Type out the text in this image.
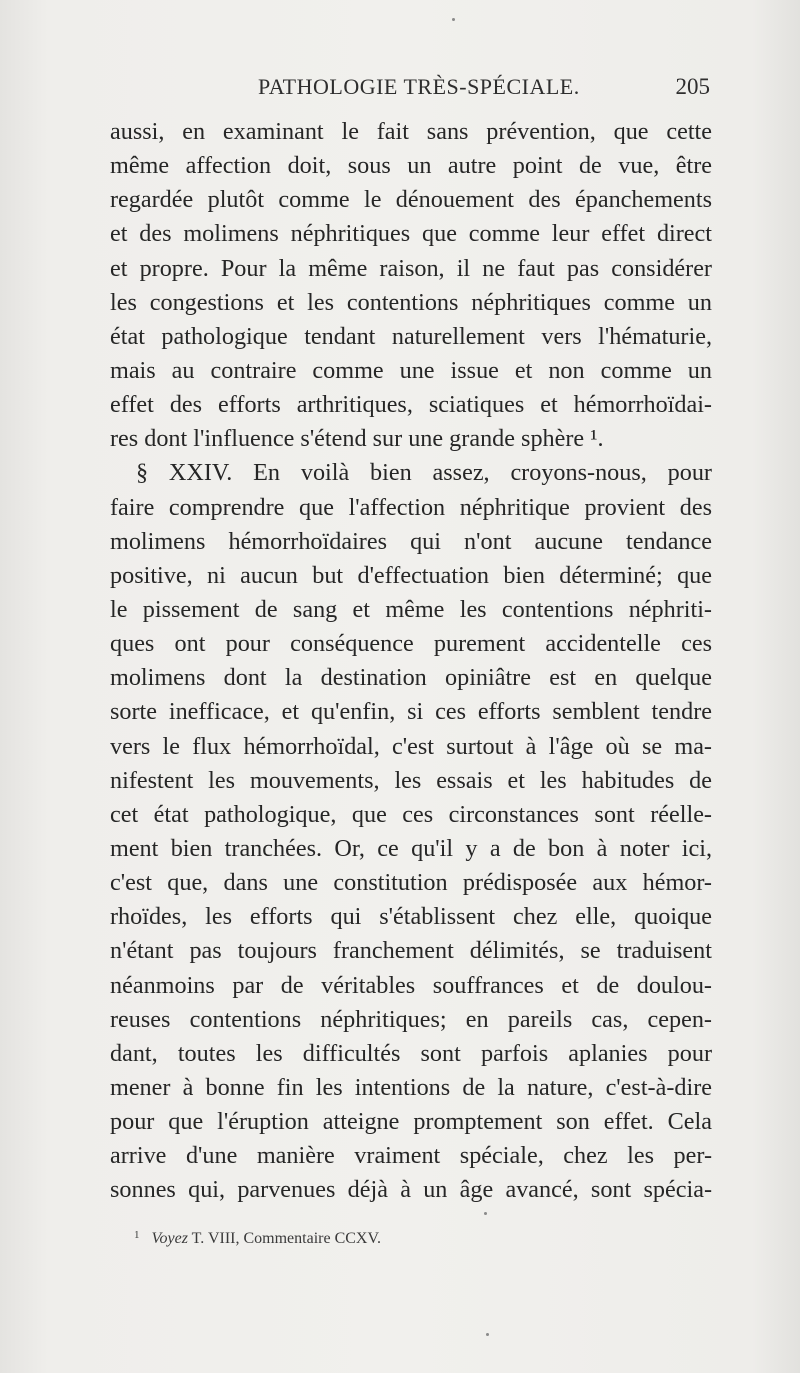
PATHOLOGIE TRÈS-SPÉCIALE.	205
aussi, en examinant le fait sans prévention, que cette
même affection doit, sous un autre point de vue, être
regardée plutôt comme le dénouement des épanchements
et des molimens néphritiques que comme leur effet direct
et propre. Pour la même raison, il ne faut pas considérer
les congestions et les contentions néphritiques comme un
état pathologique tendant naturellement vers l'hématurie,
mais au contraire comme une issue et non comme un
effet des efforts arthritiques, sciatiques et hémorrhoïdai-
res dont l'influence s'étend sur une grande sphère ¹.
§ XXIV. En voilà bien assez, croyons-nous, pour
faire comprendre que l'affection néphritique provient des
molimens hémorrhoïdaires qui n'ont aucune tendance
positive, ni aucun but d'effectuation bien déterminé; que
le pissement de sang et même les contentions néphriti-
ques ont pour conséquence purement accidentelle ces
molimens dont la destination opiniâtre est en quelque
sorte inefficace, et qu'enfin, si ces efforts semblent tendre
vers le flux hémorrhoïdal, c'est surtout à l'âge où se ma-
nifestent les mouvements, les essais et les habitudes de
cet état pathologique, que ces circonstances sont réelle-
ment bien tranchées. Or, ce qu'il y a de bon à noter ici,
c'est que, dans une constitution prédisposée aux hémor-
rhoïdes, les efforts qui s'établissent chez elle, quoique
n'étant pas toujours franchement délimités, se traduisent
néanmoins par de véritables souffrances et de doulou-
reuses contentions néphritiques; en pareils cas, cepen-
dant, toutes les difficultés sont parfois aplanies pour
mener à bonne fin les intentions de la nature, c'est-à-dire
pour que l'éruption atteigne promptement son effet. Cela
arrive d'une manière vraiment spéciale, chez les per-
sonnes qui, parvenues déjà à un âge avancé, sont spécia-
$^1$ Voyez T. VIII, Commentaire CCXV.
